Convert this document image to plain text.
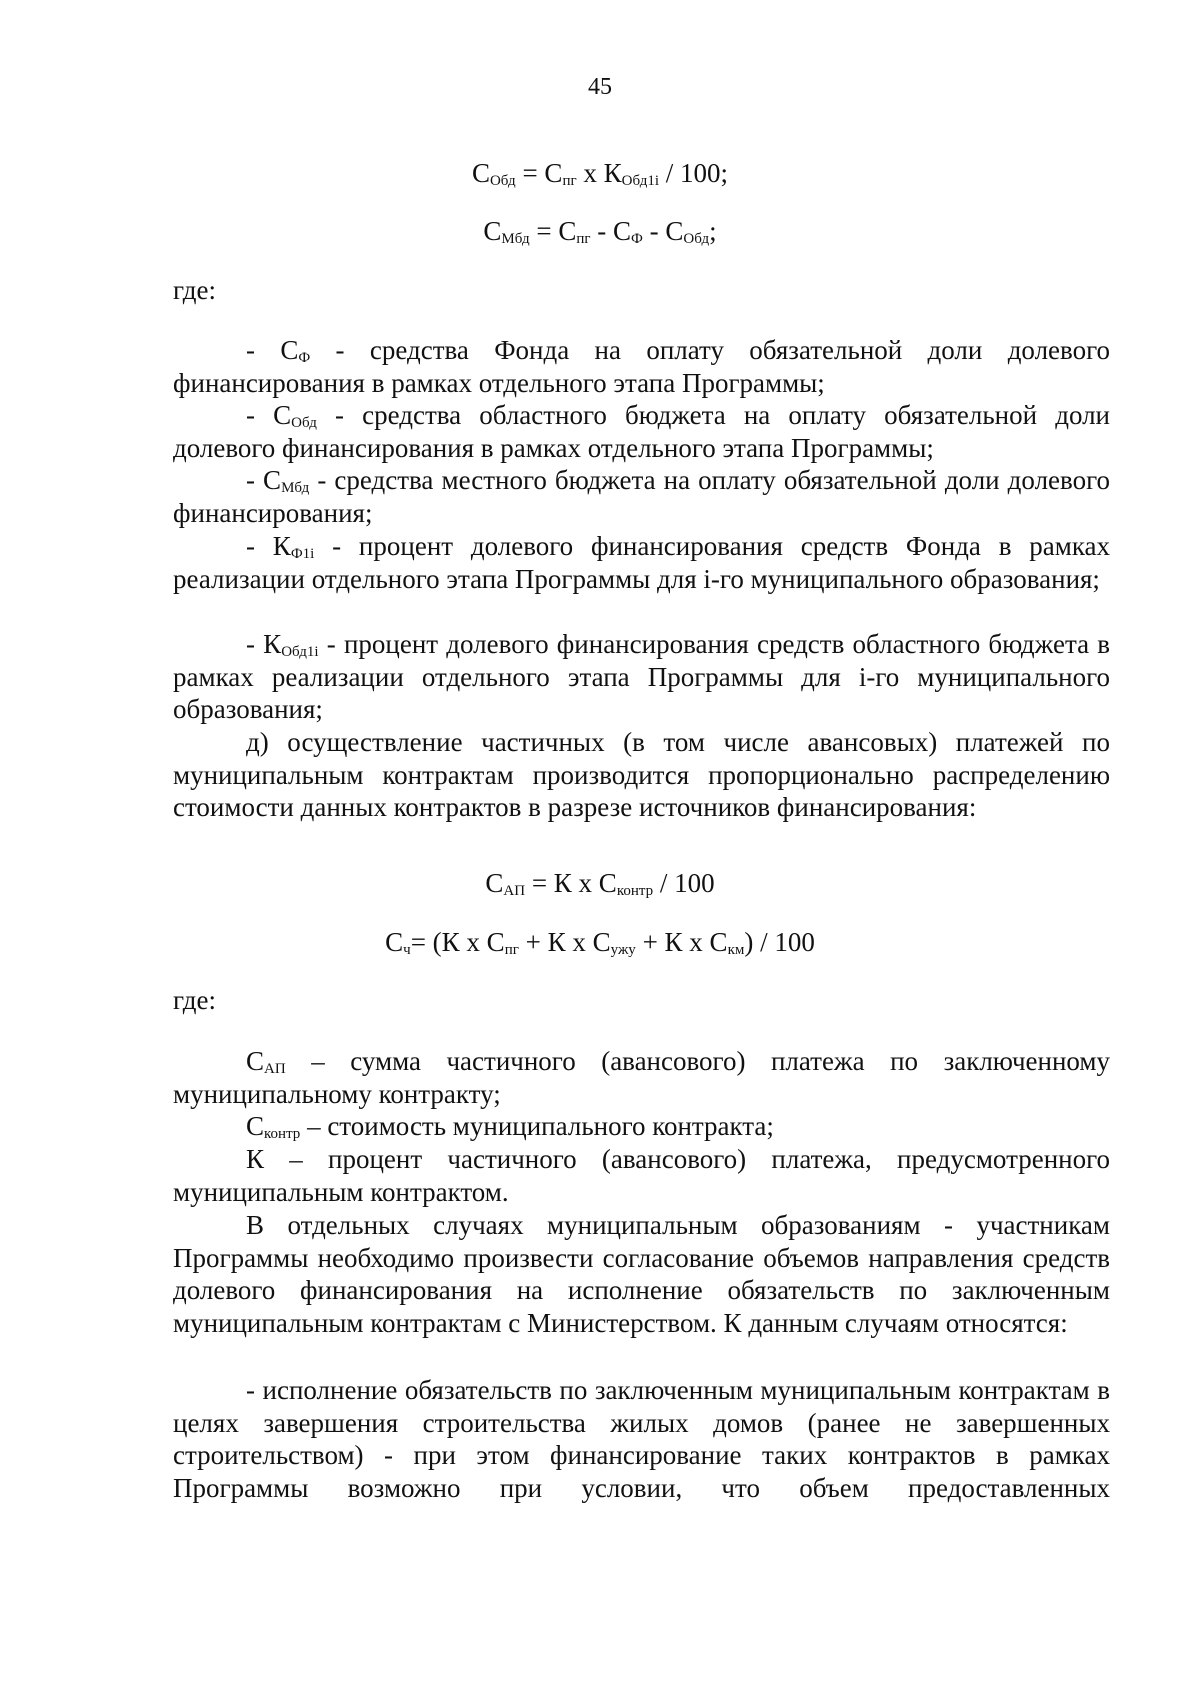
45
$С_{Обд} = С_{пг}$ х $К_{Обд1i} / 100$;
$С_{Мбд} = С_{пг} - С_Ф - С_{Обд}$;
где:
- $С_Ф$ - средства Фонда на оплату обязательной доли долевого финансирования в рамках отдельного этапа Программы;
- $С_{Обд}$ - средства областного бюджета на оплату обязательной доли долевого финансирования в рамках отдельного этапа Программы;
- $С_{Мбд}$ - средства местного бюджета на оплату обязательной доли долевого финансирования;
- $К_{Ф1i}$ - процент долевого финансирования средств Фонда в рамках реализации отдельного этапа Программы для i-го муниципального образования;
- $К_{Обд1i}$ - процент долевого финансирования средств областного бюджета в рамках реализации отдельного этапа Программы для i-го муниципального образования;
д) осуществление частичных (в том числе авансовых) платежей по муниципальным контрактам производится пропорционально распределению стоимости данных контрактов в разрезе источников финансирования:
$С_{АП} = К$ х $С_{контр} / 100$
$С_ч= (К$ х $С_{пг} + К$ х $С_{ужу} + К$ х $С_{км}) / 100$
где:
$С_{АП}$ – сумма частичного (авансового) платежа по заключенному муниципальному контракту;
$С_{контр}$ – стоимость муниципального контракта;
К – процент частичного (авансового) платежа, предусмотренного муниципальным контрактом.
В отдельных случаях муниципальным образованиям - участникам Программы необходимо произвести согласование объемов направления средств долевого финансирования на исполнение обязательств по заключенным муниципальным контрактам с Министерством. К данным случаям относятся:
- исполнение обязательств по заключенным муниципальным контрактам в целях завершения строительства жилых домов (ранее не завершенных строительством) - при этом финансирование таких контрактов в рамках Программы возможно при условии, что объем предоставленных
